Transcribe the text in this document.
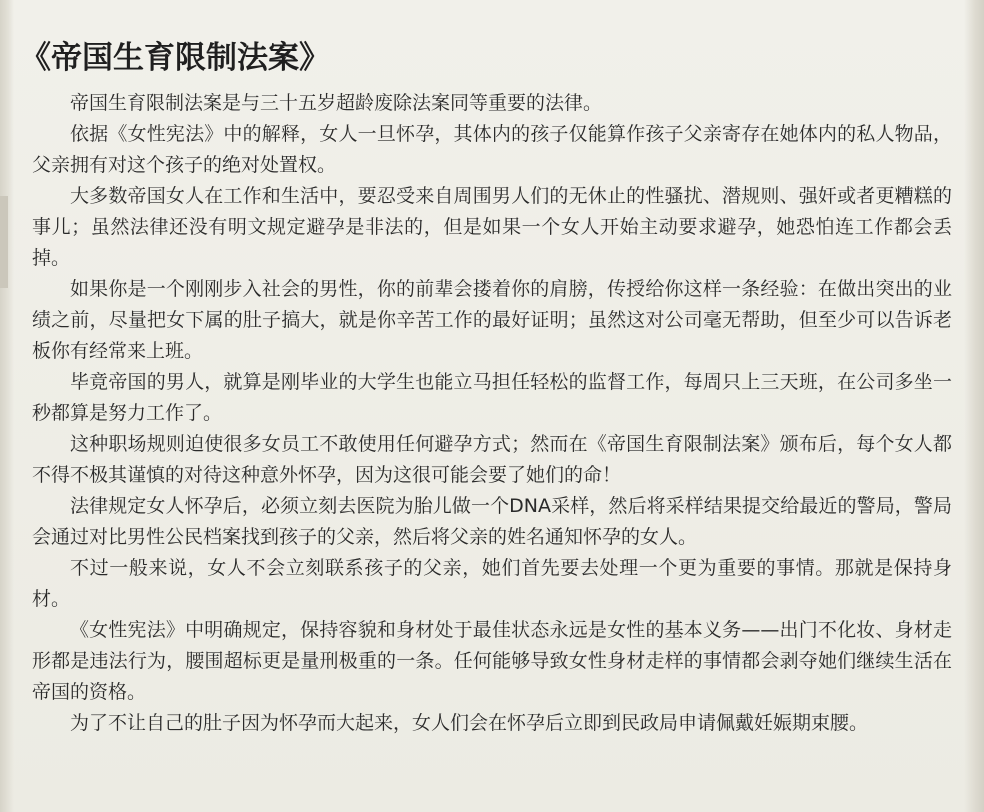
《帝国生育限制法案》

帝国生育限制法案是与三十五岁超龄废除法案同等重要的法律。

依据《女性宪法》中的解释，女人一旦怀孕，其体内的孩子仅能算作孩子父亲寄存在她体内的私人物品，父亲拥有对这个孩子的绝对处置权。

大多数帝国女人在工作和生活中，要忍受来自周围男人们的无休止的性骚扰、潜规则、强奸或者更糟糕的事儿；虽然法律还没有明文规定避孕是非法的，但是如果一个女人开始主动要求避孕，她恐怕连工作都会丢掉。

如果你是一个刚刚步入社会的男性，你的前辈会搂着你的肩膀，传授给你这样一条经验：在做出突出的业绩之前，尽量把女下属的肚子搞大，就是你辛苦工作的最好证明；虽然这对公司毫无帮助，但至少可以告诉老板你有经常来上班。

毕竟帝国的男人，就算是刚毕业的大学生也能立马担任轻松的监督工作，每周只上三天班，在公司多坐一秒都算是努力工作了。

这种职场规则迫使很多女员工不敢使用任何避孕方式；然而在《帝国生育限制法案》颁布后，每个女人都不得不极其谨慎的对待这种意外怀孕，因为这很可能会要了她们的命！

法律规定女人怀孕后，必须立刻去医院为胎儿做一个DNA采样，然后将采样结果提交给最近的警局，警局会通过对比男性公民档案找到孩子的父亲，然后将父亲的姓名通知怀孕的女人。

不过一般来说，女人不会立刻联系孩子的父亲，她们首先要去处理一个更为重要的事情。那就是保持身材。

《女性宪法》中明确规定，保持容貌和身材处于最佳状态永远是女性的基本义务——出门不化妆、身材走形都是违法行为，腰围超标更是量刑极重的一条。任何能够导致女性身材走样的事情都会剥夺她们继续生活在帝国的资格。

为了不让自己的肚子因为怀孕而大起来，女人们会在怀孕后立即到民政局申请佩戴妊娠期束腰。
